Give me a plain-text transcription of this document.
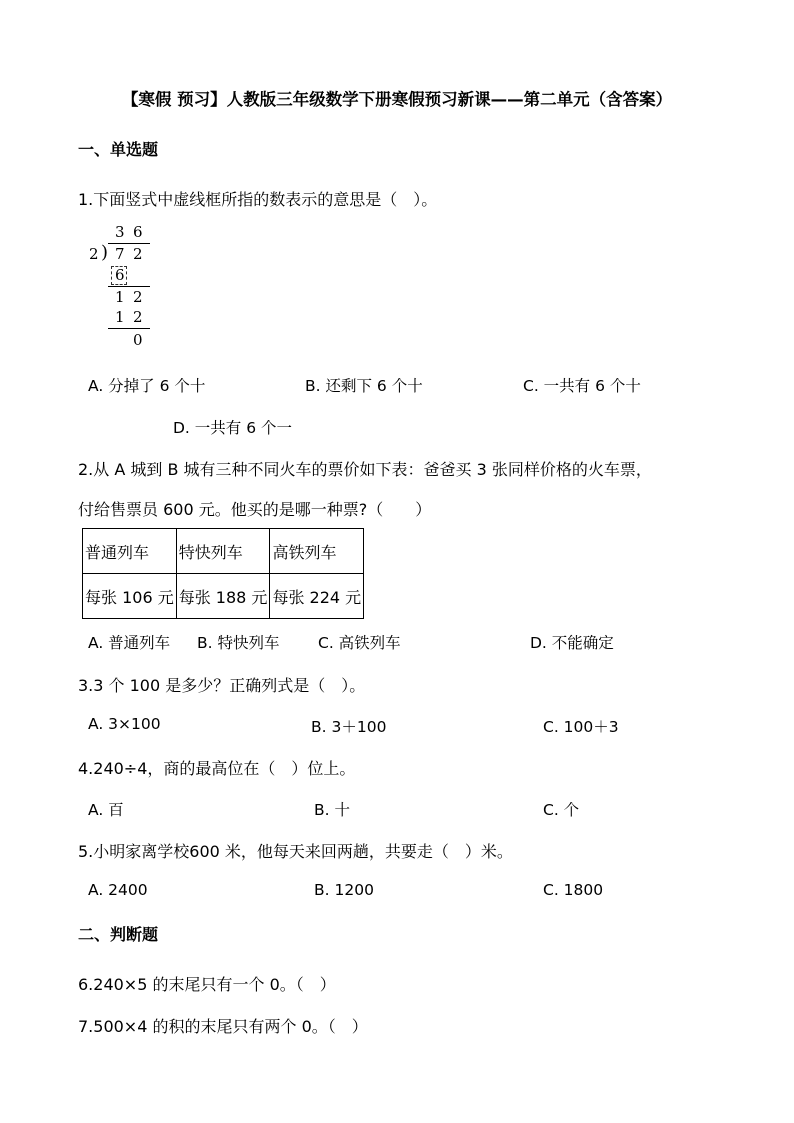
【寒假 预习】人教版三年级数学下册寒假预习新课——第二单元（含答案）
一、单选题
1.下面竖式中虚线框所指的数表示的意思是（　）。
3 6
2 ) 7 2
6
1 2
1 2
0
A. 分掉了 6 个十	B. 还剩下 6 个十	C. 一共有 6 个十
D. 一共有 6 个一
2.从 A 城到 B 城有三种不同火车的票价如下表：爸爸买 3 张同样价格的火车票，
付给售票员 600 元。他买的是哪一种票?（　　）
普通列车	特快列车	高铁列车
每张 106 元	每张 188 元	每张 224 元
A. 普通列车 B. 特快列车 C. 高铁列车	D. 不能确定
3.3 个 100 是多少？正确列式是（　）。
A. 3×100	B. 3＋100	C. 100＋3
4.240÷4，商的最高位在（　）位上。
A. 百	B. 十	C. 个
5.小明家离学校600 米，他每天来回两趟，共要走（　）米。
A. 2400	B. 1200	C. 1800
二、判断题
6.240×5 的末尾只有一个 0。（　）
7.500×4 的积的末尾只有两个 0。（　）
